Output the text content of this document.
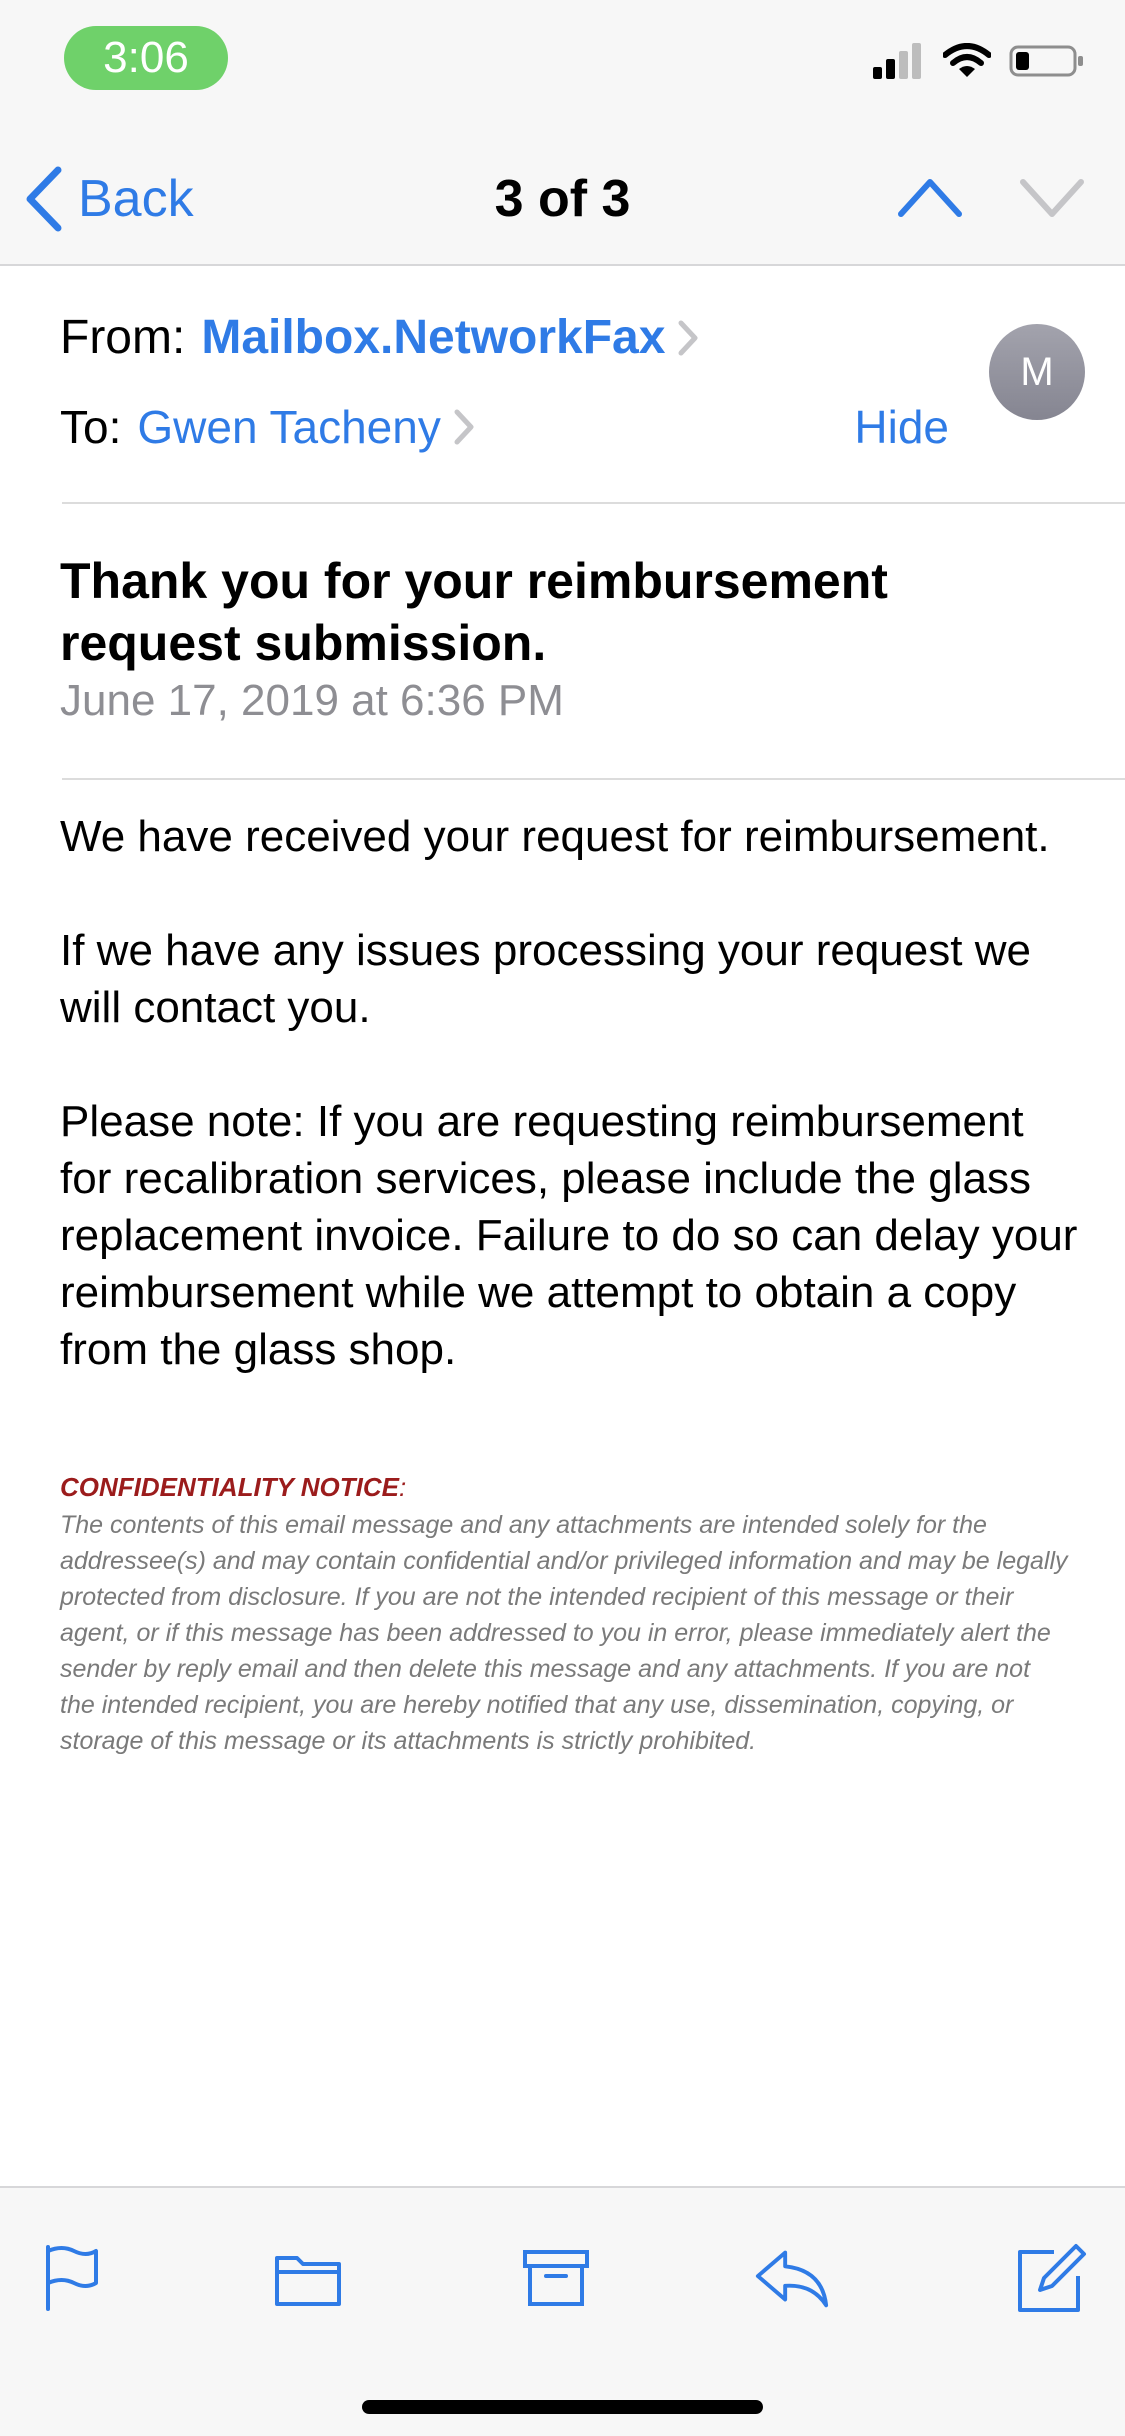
3:06
Back	3 of 3
From: Mailbox.NetworkFax
To: Gwen Tacheny	Hide
M
Thank you for your reimbursement request submission.
June 17, 2019 at 6:36 PM

We have received your request for reimbursement.

If we have any issues processing your request we will contact you.

Please note: If you are requesting reimbursement for recalibration services, please include the glass replacement invoice. Failure to do so can delay your reimbursement while we attempt to obtain a copy from the glass shop.

CONFIDENTIALITY NOTICE:
The contents of this email message and any attachments are intended solely for the addressee(s) and may contain confidential and/or privileged information and may be legally protected from disclosure. If you are not the intended recipient of this message or their agent, or if this message has been addressed to you in error, please immediately alert the sender by reply email and then delete this message and any attachments. If you are not the intended recipient, you are hereby notified that any use, dissemination, copying, or storage of this message or its attachments is strictly prohibited.
